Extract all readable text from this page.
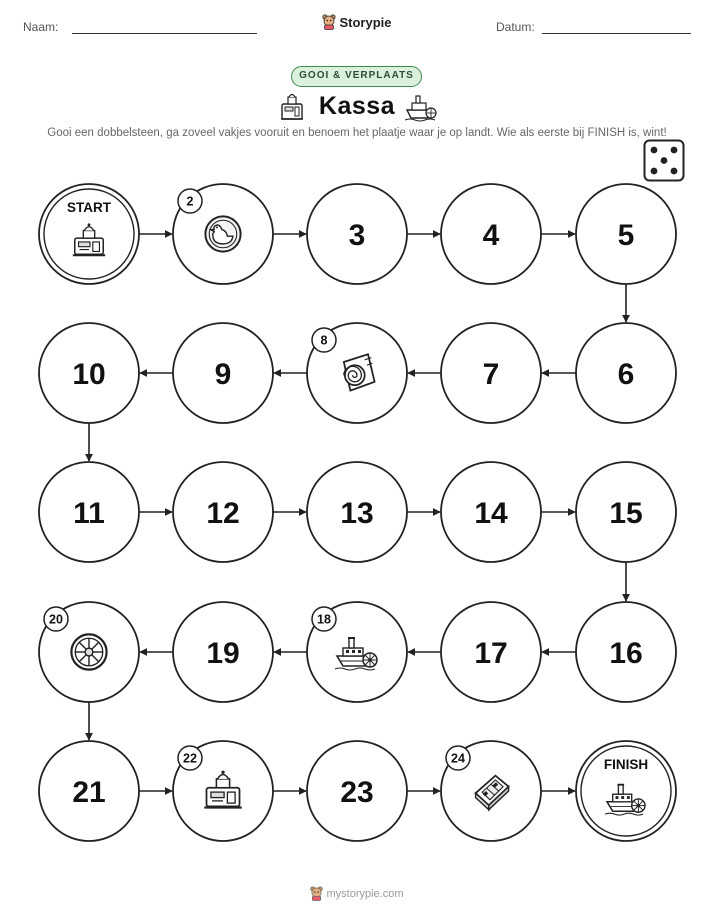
Naam:	Storypie	Datum:
GOOI & VERPLAATS
Kassa
Gooi een dobbelsteen, ga zoveel vakjes vooruit en benoem het plaatje waar je op landt. Wie als eerste bij FINISH is, wint!
START	2
3	4	5
6
7
8
9
10
11	12	13	14	15
16
17
18
19
20
21
22
23
24	FINISH
mystorypie.com
